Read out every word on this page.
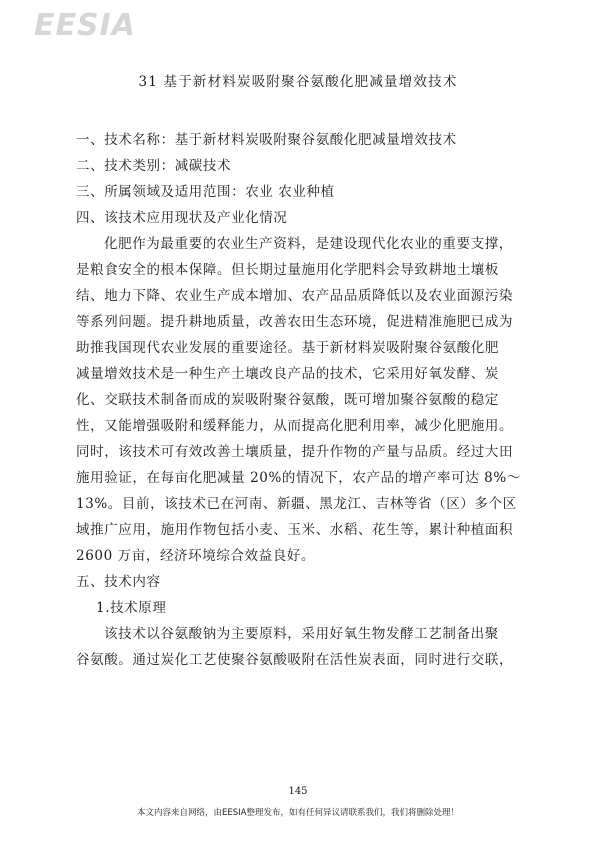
EESIA
31 基于新材料炭吸附聚谷氨酸化肥减量增效技术
一、技术名称：基于新材料炭吸附聚谷氨酸化肥减量增效技术
二、技术类别：减碳技术
三、所属领域及适用范围：农业 农业种植
四、该技术应用现状及产业化情况
化肥作为最重要的农业生产资料，是建设现代化农业的重要支撑，
是粮食安全的根本保障。但长期过量施用化学肥料会导致耕地土壤板
结、地力下降、农业生产成本增加、农产品品质降低以及农业面源污染
等系列问题。提升耕地质量，改善农田生态环境，促进精准施肥已成为
助推我国现代农业发展的重要途径。基于新材料炭吸附聚谷氨酸化肥
减量增效技术是一种生产土壤改良产品的技术，它采用好氧发酵、炭
化、交联技术制备而成的炭吸附聚谷氨酸，既可增加聚谷氨酸的稳定
性，又能增强吸附和缓释能力，从而提高化肥利用率，减少化肥施用。
同时，该技术可有效改善土壤质量，提升作物的产量与品质。经过大田
施用验证，在每亩化肥减量 20%的情况下，农产品的增产率可达 8%～
13%。目前，该技术已在河南、新疆、黑龙江、吉林等省（区）多个区
域推广应用，施用作物包括小麦、玉米、水稻、花生等，累计种植面积
2600 万亩，经济环境综合效益良好。
五、技术内容
1.技术原理
该技术以谷氨酸钠为主要原料，采用好氧生物发酵工艺制备出聚
谷氨酸。通过炭化工艺使聚谷氨酸吸附在活性炭表面，同时进行交联，
145
本文内容来自网络，由EESIA整理发布，如有任何异议请联系我们，我们将删除处理！
